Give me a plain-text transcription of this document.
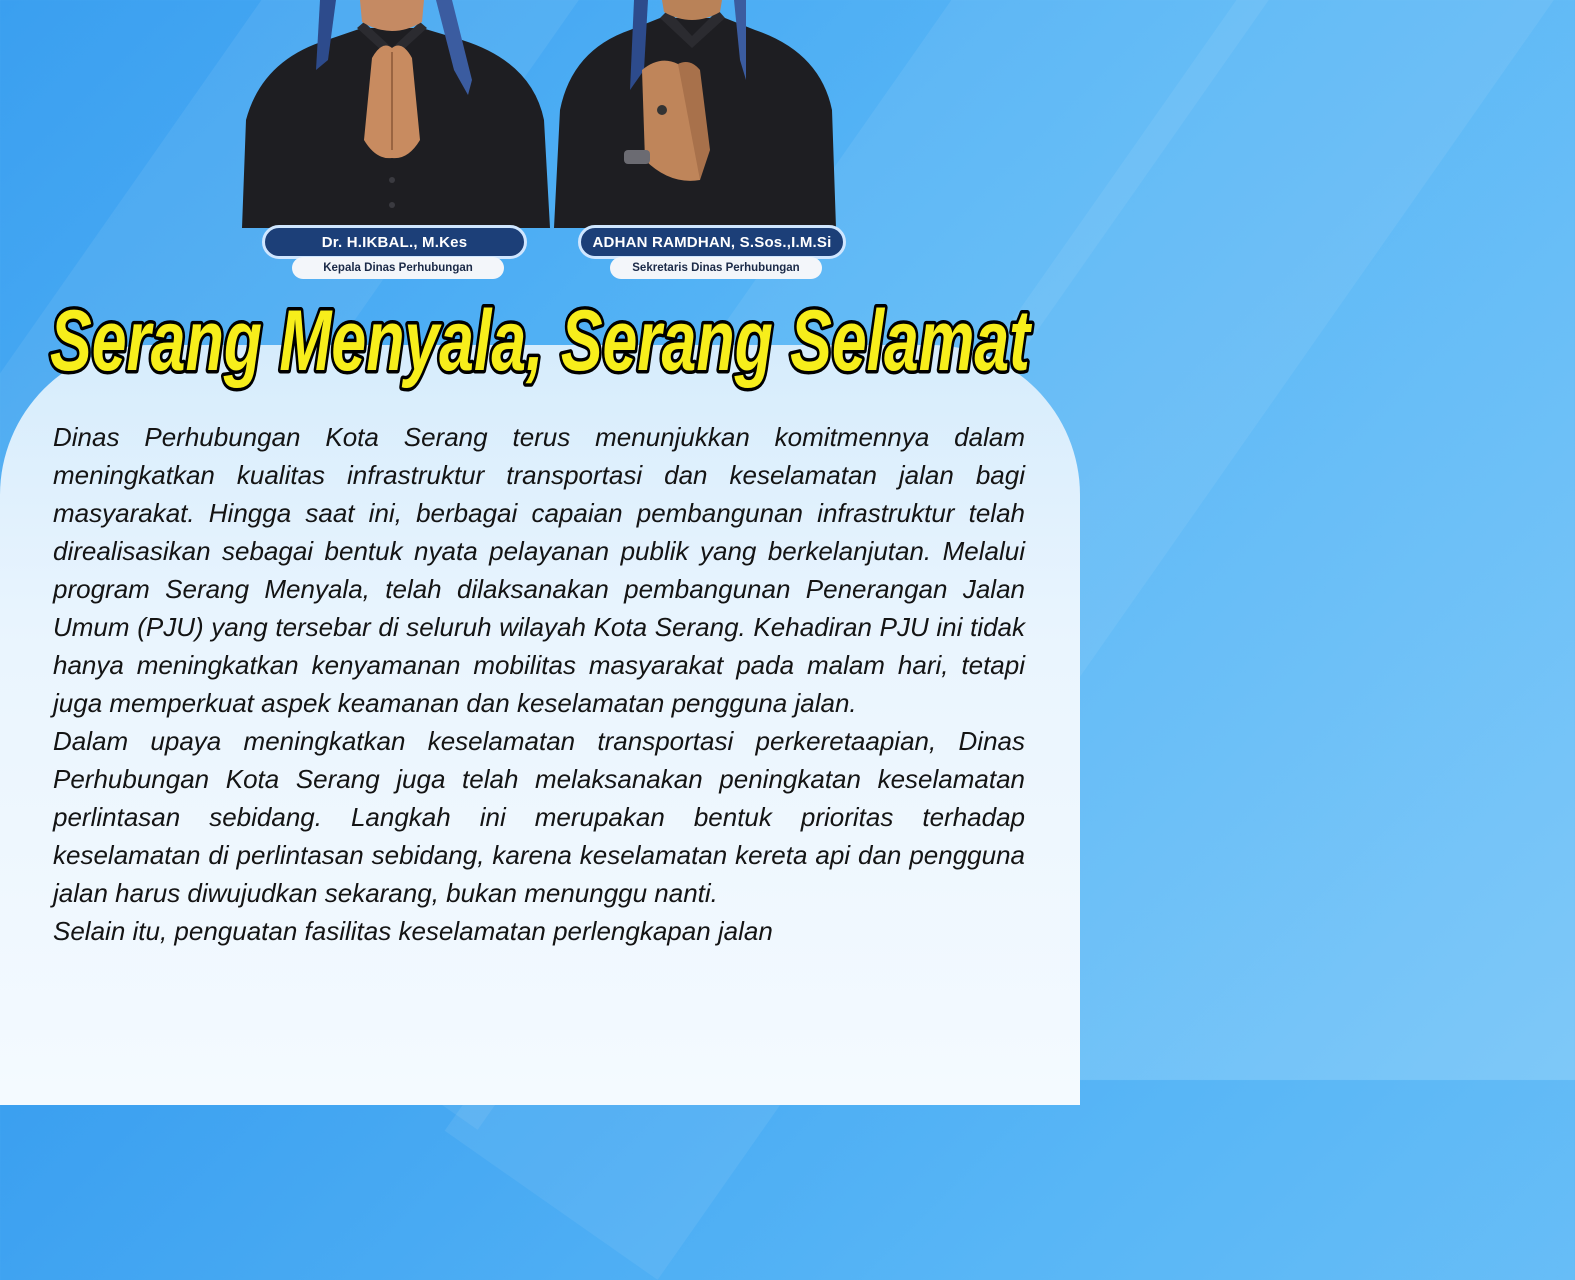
Dr. H.IKBAL., M.Kes
Kepala Dinas Perhubungan
ADHAN RAMDHAN, S.Sos.,I.M.Si
Sekretaris Dinas Perhubungan
Serang Menyala, Serang Selamat

Dinas Perhubungan Kota Serang terus menunjukkan komitmennya dalam meningkatkan kualitas infrastruktur transportasi dan keselamatan jalan bagi masyarakat. Hingga saat ini, berbagai capaian pembangunan infrastruktur telah direalisasikan sebagai bentuk nyata pelayanan publik yang berkelanjutan. Melalui program Serang Menyala, telah dilaksanakan pembangunan Penerangan Jalan Umum (PJU) yang tersebar di seluruh wilayah Kota Serang. Kehadiran PJU ini tidak hanya meningkatkan kenyamanan mobilitas masyarakat pada malam hari, tetapi juga memperkuat aspek keamanan dan keselamatan pengguna jalan.

Dalam upaya meningkatkan keselamatan transportasi perkeretaapian, Dinas Perhubungan Kota Serang juga telah melaksanakan peningkatan keselamatan perlintasan sebidang. Langkah ini merupakan bentuk prioritas terhadap keselamatan di perlintasan sebidang, karena keselamatan kereta api dan pengguna jalan harus diwujudkan sekarang, bukan menunggu nanti.

Selain itu, penguatan fasilitas keselamatan perlengkapan jalan
